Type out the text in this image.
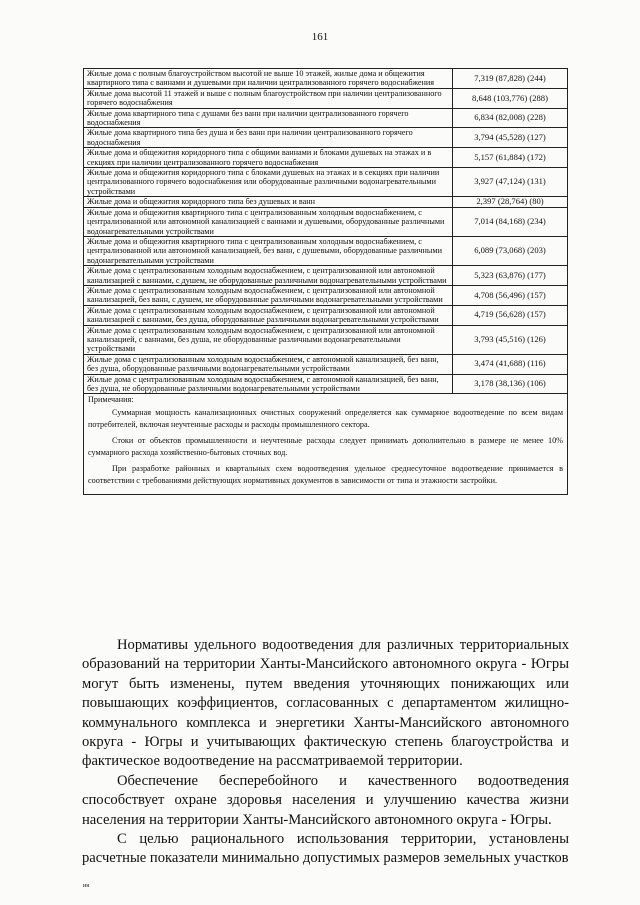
161
Жилые дома с полным благоустройством высотой не выше 10 этажей, жилые дома и общежития квартирного типа с ваннами и душевыми при наличии централизованного горячего водоснабжения	7,319 (87,828) (244)
Жилые дома высотой 11 этажей и выше с полным благоустройством при наличии централизованного горячего водоснабжения	8,648 (103,776) (288)
Жилые дома квартирного типа с душами без ванн при наличии централизованного горячего водоснабжения	6,834 (82,008) (228)
Жилые дома квартирного типа без душа и без ванн при наличии централизованного горячего водоснабжения	3,794 (45,528) (127)
Жилые дома и общежития коридорного типа с общими ваннами и блоками душевых на этажах и в секциях при наличии централизованного горячего водоснабжения	5,157 (61,884) (172)
Жилые дома и общежития коридорного типа с блоками душевых на этажах и в секциях при наличии централизованного горячего водоснабжения или оборудованные различными водонагревательными устройствами	3,927 (47,124) (131)
Жилые дома и общежития коридорного типа без душевых и ванн	2,397 (28,764) (80)
Жилые дома и общежития квартирного типа с централизованным холодным водоснабжением, с централизованной или автономной канализацией с ваннами и душевыми, оборудованные различными водонагревательными устройствами	7,014 (84,168) (234)
Жилые дома и общежития квартирного типа с централизованным холодным водоснабжением, с централизованной или автономной канализацией, без ванн, с душевыми, оборудованные различными водонагревательными устройствами	6,089 (73,068) (203)
Жилые дома с централизованным холодным водоснабжением, с централизованной или автономной канализацией с ваннами, с душем, не оборудованные различными водонагревательными устройствами	5,323 (63,876) (177)
Жилые дома с централизованным холодным водоснабжением, с централизованной или автономной канализацией, без ванн, с душем, не оборудованные различными водонагревательными устройствами	4,708 (56,496) (157)
Жилые дома с централизованным холодным водоснабжением, с централизованной или автономной канализацией с ваннами, без душа, оборудованные различными водонагревательными устройствами	4,719 (56,628) (157)
Жилые дома с централизованным холодным водоснабжением, с централизованной или автономной канализацией, с ваннами, без душа, не оборудованные различными водонагревательными устройствами	3,793 (45,516) (126)
Жилые дома с централизованным холодным водоснабжением, с автономной канализацией, без ванн, без душа, оборудованные различными водонагревательными устройствами	3,474 (41,688) (116)
Жилые дома с централизованным холодным водоснабжением, с автономной канализацией, без ванн, без душа, не оборудованные различными водонагревательными устройствами	3,178 (38,136) (106)

Примечания:
Суммарная мощность канализационных очистных сооружений определяется как суммарное водоотведение по всем видам потребителей, включая неучтенные расходы и расходы промышленного сектора.
Стоки от объектов промышленности и неучтенные расходы следует принимать дополнительно в размере не менее 10% суммарного расхода хозяйственно-бытовых сточных вод.
При разработке районных и квартальных схем водоотведения удельное среднесуточное водоотведение принимается в соответствии с требованиями действующих нормативных документов в зависимости от типа и этажности застройки.	

Нормативы удельного водоотведения для различных территориальных образований на территории Ханты-Мансийского автономного округа - Югры могут быть изменены, путем введения уточняющих понижающих или повышающих коэффициентов, согласованных с департаментом жилищно-коммунального комплекса и энергетики Ханты-Мансийского автономного округа - Югры и учитывающих фактическую степень благоустройства и фактическое водоотведение на рассматриваемой территории.

Обеспечение бесперебойного и качественного водоотведения способствует охране здоровья населения и улучшению качества жизни населения на территории Ханты-Мансийского автономного округа - Югры.

С целью рационального использования территории, установлены расчетные показатели минимально допустимых размеров земельных участков

ия
